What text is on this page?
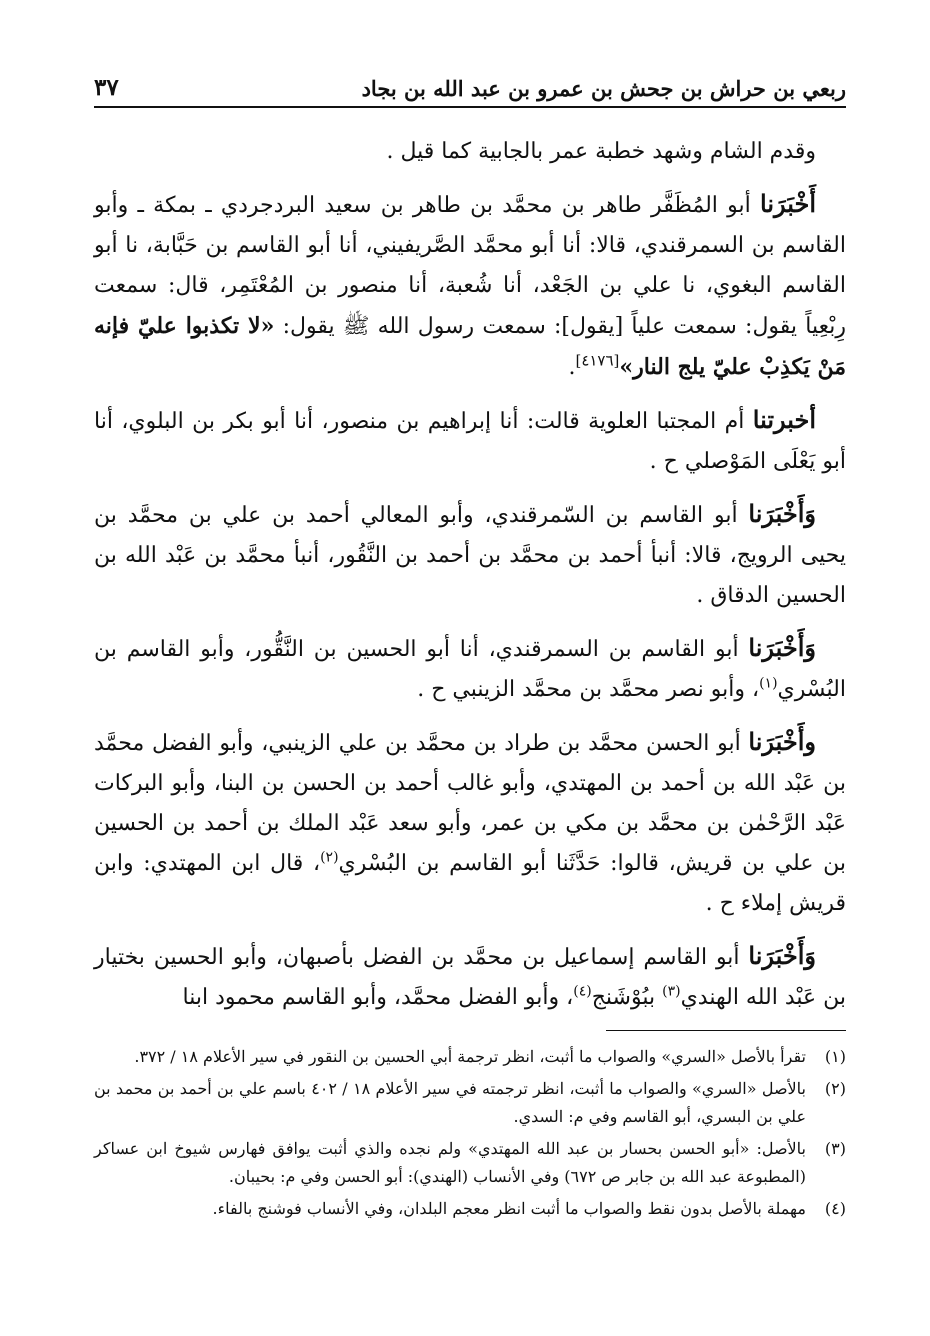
ربعي بن حراش بن جحش بن عمرو بن عبد الله بن بجاد
٣٧

وقدم الشام وشهد خطبة عمر بالجابية كما قيل .

أَخْبَرَنا أبو المُظَفَّر طاهر بن محمَّد بن طاهر بن سعيد البردجردي ـ بمكة ـ وأبو القاسم بن السمرقندي، قالا: أنا أبو محمَّد الصَّريفيني، أنا أبو القاسم بن حَبَّابة، نا أبو القاسم البغوي، نا علي بن الجَعْد، أنا شُعبة، أنا منصور بن المُعْتَمِر، قال: سمعت رِبْعِياً يقول: سمعت علياً [يقول]: سمعت رسول الله ﷺ يقول: «لا تكذبوا عليّ فإنه مَنْ يَكذِبْ عليّ يلج النار»[٤١٧٦].

أخبرتنا أم المجتبا العلوية قالت: أنا إبراهيم بن منصور، أنا أبو بكر بن البلوي، أنا أبو يَعْلَى المَوْصلي ح .

وَأَخْبَرَنا أبو القاسم بن السّمرقندي، وأبو المعالي أحمد بن علي بن محمَّد بن يحيى الرويج، قالا: أنبأ أحمد بن محمَّد بن أحمد بن النَّقُور، أنبأ محمَّد بن عَبْد الله بن الحسين الدقاق .

وَأَخْبَرَنا أبو القاسم بن السمرقندي، أنا أبو الحسين بن النَّقُّور، وأبو القاسم بن البُسْري$^{(١)}$، وأبو نصر محمَّد بن محمَّد الزينبي ح .

وأَخْبَرَنا أبو الحسن محمَّد بن طراد بن محمَّد بن علي الزينبي، وأبو الفضل محمَّد بن عَبْد الله بن أحمد بن المهتدي، وأبو غالب أحمد بن الحسن بن البنا، وأبو البركات عَبْد الرَّحْمٰن بن محمَّد بن مكي بن عمر، وأبو سعد عَبْد الملك بن أحمد بن الحسين بن علي بن قريش، قالوا: حَدَّثَنا أبو القاسم بن البُسْري$^{(٢)}$، قال ابن المهتدي: وابن قريش إملاء ح .

وَأَخْبَرَنا أبو القاسم إسماعيل بن محمَّد بن الفضل بأصبهان، وأبو الحسين بختيار بن عَبْد الله الهندي$^{(٣)}$ ببُوْشَنج$^{(٤)}$، وأبو الفضل محمَّد، وأبو القاسم محمود ابنا

(١)
تقرأ بالأصل «السري» والصواب ما أثبت، انظر ترجمة أبي الحسين بن النقور في سير الأعلام ١٨ / ٣٧٢.
(٢)
بالأصل «السري» والصواب ما أثبت، انظر ترجمته في سير الأعلام ١٨ / ٤٠٢ باسم علي بن أحمد بن محمد بن علي بن البسري، أبو القاسم وفي م: السدي.
(٣)
بالأصل: «أبو الحسن بحسار بن عبد الله المهتدي» ولم نجده والذي أثبت يوافق فهارس شيوخ ابن عساكر (المطبوعة عبد الله بن جابر ص ٦٧٢) وفي الأنساب (الهندي): أبو الحسن وفي م: بحيبان.
(٤)
مهملة بالأصل بدون نقط والصواب ما أثبت انظر معجم البلدان، وفي الأنساب فوشنج بالفاء.
